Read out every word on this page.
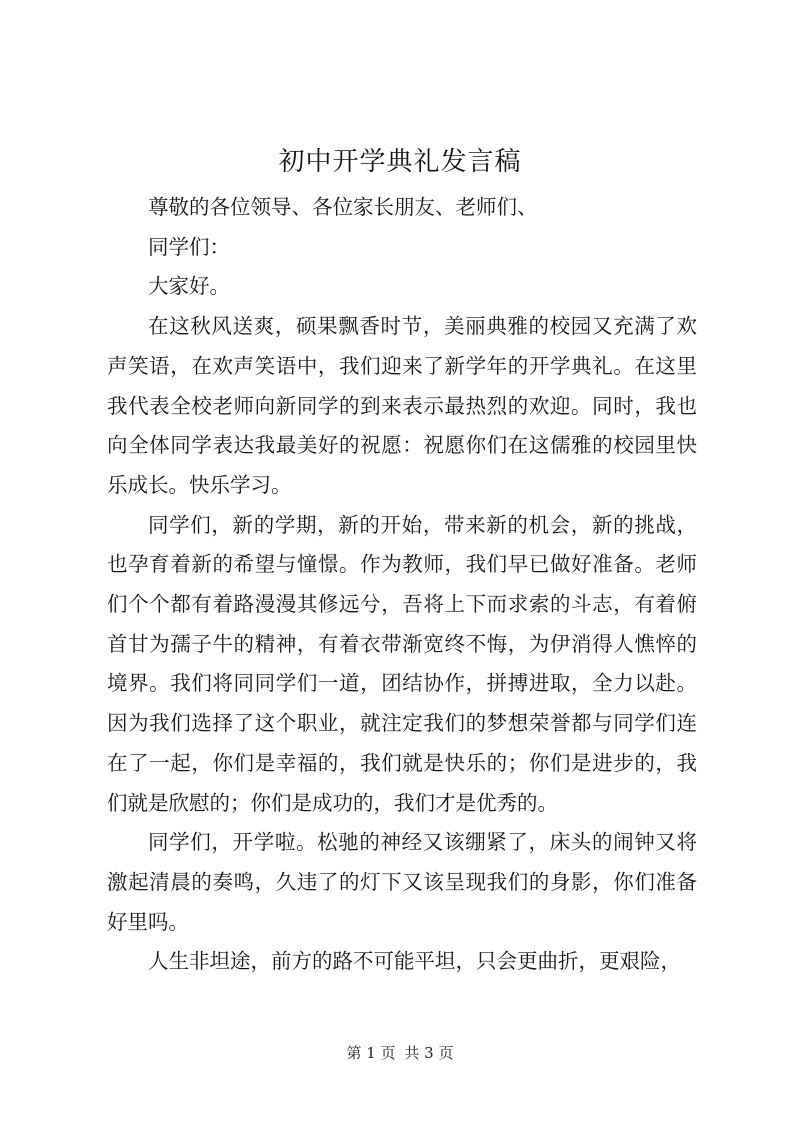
初中开学典礼发言稿

尊敬的各位领导、各位家长朋友、老师们、

同学们：

大家好。

在这秋风送爽，硕果飘香时节，美丽典雅的校园又充满了欢声笑语，在欢声笑语中，我们迎来了新学年的开学典礼。在这里我代表全校老师向新同学的到来表示最热烈的欢迎。同时，我也向全体同学表达我最美好的祝愿：祝愿你们在这儒雅的校园里快乐成长。快乐学习。

同学们，新的学期，新的开始，带来新的机会，新的挑战，也孕育着新的希望与憧憬。作为教师，我们早已做好准备。老师们个个都有着路漫漫其修远兮，吾将上下而求索的斗志，有着俯首甘为孺子牛的精神，有着衣带渐宽终不悔，为伊消得人憔悴的境界。我们将同同学们一道，团结协作，拼搏进取，全力以赴。因为我们选择了这个职业，就注定我们的梦想荣誉都与同学们连在了一起，你们是幸福的，我们就是快乐的；你们是进步的，我们就是欣慰的；你们是成功的，我们才是优秀的。

同学们，开学啦。松驰的神经又该绷紧了，床头的闹钟又将激起清晨的奏鸣，久违了的灯下又该呈现我们的身影，你们准备好里吗。

人生非坦途，前方的路不可能平坦，只会更曲折，更艰险，

第 1 页 共 3 页
